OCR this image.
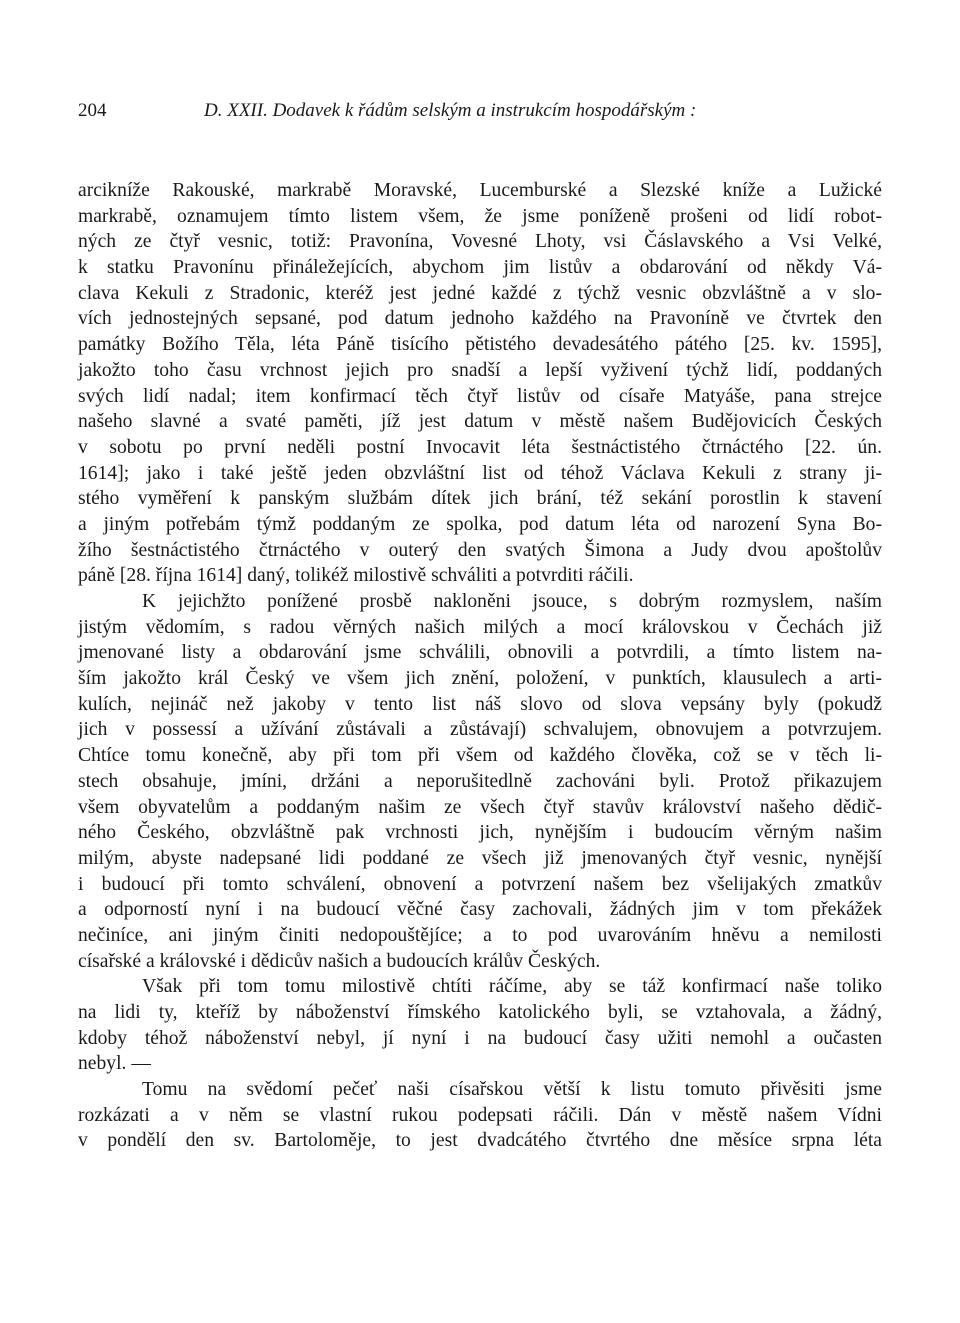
204	D. XXII. Dodavek k řádům selským a instrukcím hospodářským :
arcikníže Rakouské, markrabě Moravské, Lucemburské a Slezské kníže a Lužické
markrabě, oznamujem tímto listem všem, že jsme poníženě prošeni od lidí robot-
ných ze čtyř vesnic, totiž: Pravonína, Vovesné Lhoty, vsi Čáslavského a Vsi Velké,
k statku Pravonínu přináležejících, abychom jim listův a obdarování od někdy Vá-
clava Kekuli z Stradonic, kteréž jest jedné každé z týchž vesnic obzvláštně a v slo-
vích jednostejných sepsané, pod datum jednoho každého na Pravoníně ve čtvrtek den
památky Božího Těla, léta Páně tisícího pětistého devadesátého pátého [25. kv. 1595],
jakožto toho času vrchnost jejich pro snadší a lepší vyživení týchž lidí, poddaných
svých lidí nadal; item konfirmací těch čtyř listův od císaře Matyáše, pana strejce
našeho slavné a svaté paměti, jíž jest datum v městě našem Budějovicích Českých
v sobotu po první neděli postní Invocavit léta šestnáctistého čtrnáctého [22. ún.
1614]; jako i také ještě jeden obzvláštní list od téhož Václava Kekuli z strany ji-
stého vyměření k panským službám dítek jich brání, též sekání porostlin k stavení
a jiným potřebám týmž poddaným ze spolka, pod datum léta od narození Syna Bo-
žího šestnáctistého čtrnáctého v outerý den svatých Šimona a Judy dvou apoštolův
páně [28. října 1614] daný, tolikéž milostivě schváliti a potvrditi ráčili.
K jejichžto ponížené prosbě nakloněni jsouce, s dobrým rozmyslem, naším
jistým vědomím, s radou věrných našich milých a mocí královskou v Čechách již
jmenované listy a obdarování jsme schválili, obnovili a potvrdili, a tímto listem na-
ším jakožto král Český ve všem jich znění, položení, v punktích, klausulech a arti-
kulích, nejináč než jakoby v tento list náš slovo od slova vepsány byly (pokudž
jich v possessí a užívání zůstávali a zůstávají) schvalujem, obnovujem a potvrzujem.
Chtíce tomu konečně, aby při tom při všem od každého člověka, což se v těch li-
stech obsahuje, jmíni, držáni a neporušitedlně zachováni byli. Protož přikazujem
všem obyvatelům a poddaným našim ze všech čtyř stavův království našeho dědič-
ného Českého, obzvláštně pak vrchnosti jich, nynějším i budoucím věrným našim
milým, abyste nadepsané lidi poddané ze všech již jmenovaných čtyř vesnic, nynější
i budoucí při tomto schválení, obnovení a potvrzení našem bez všelijakých zmatkův
a odporností nyní i na budoucí věčné časy zachovali, žádných jim v tom překážek
nečiníce, ani jiným činiti nedopouštějíce; a to pod uvarováním hněvu a nemilosti
císařské a královské i dědicův našich a budoucích králův Českých.
Však při tom tomu milostivě chtíti ráčíme, aby se táž konfirmací naše toliko
na lidi ty, kteříž by náboženství římského katolického byli, se vztahovala, a žádný,
kdoby téhož náboženství nebyl, jí nyní i na budoucí časy užiti nemohl a oučasten
nebyl. —
Tomu na svědomí pečeť naši císařskou větší k listu tomuto přivěsiti jsme
rozkázati a v něm se vlastní rukou podepsati ráčili. Dán v městě našem Vídni
v pondělí den sv. Bartoloměje, to jest dvadcátého čtvrtého dne měsíce srpna léta
